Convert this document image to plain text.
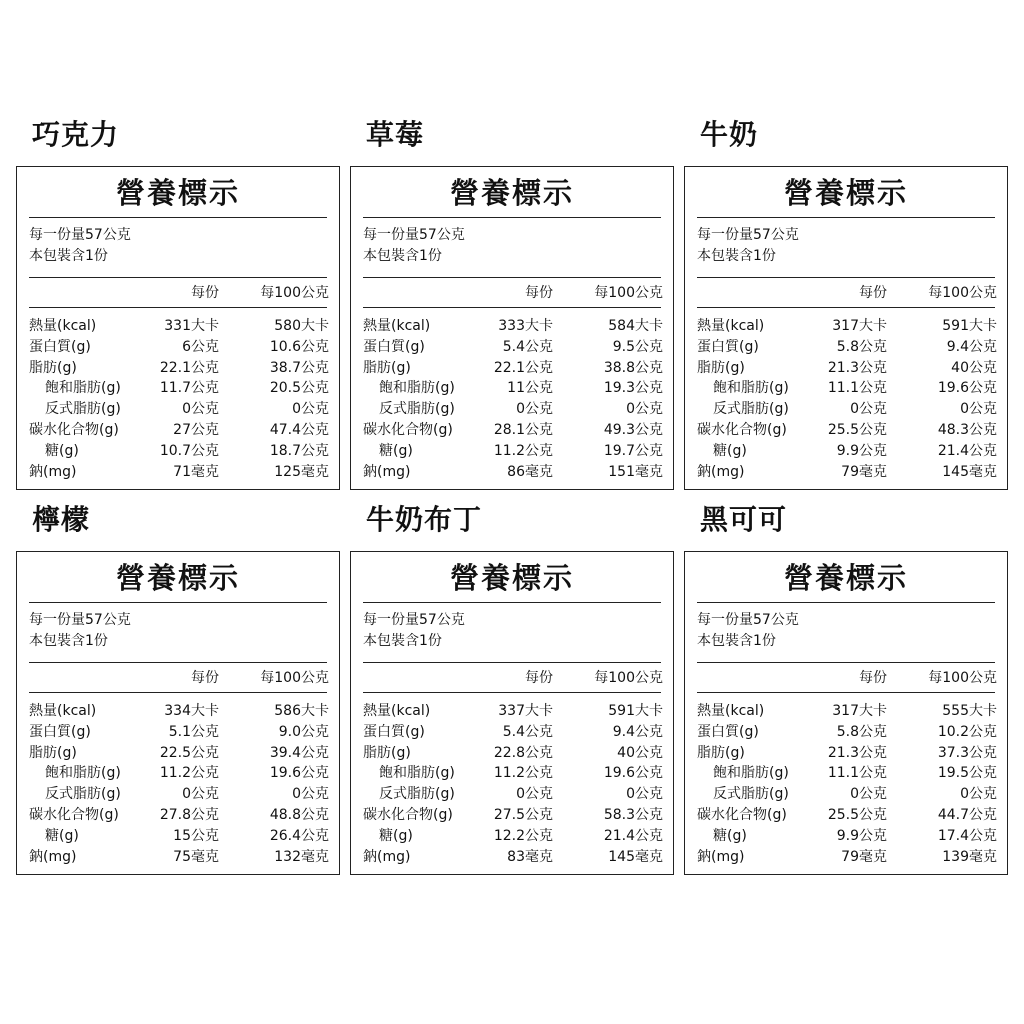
巧克力
營養標示
每一份量57公克
本包裝含1份
每份	每100公克
熱量(kcal)	331大卡	580大卡
蛋白質(g)	6公克	10.6公克
脂肪(g)	22.1公克	38.7公克
飽和脂肪(g)	11.7公克	20.5公克
反式脂肪(g)	0公克	0公克
碳水化合物(g)	27公克	47.4公克
糖(g)	10.7公克	18.7公克
鈉(mg)	71毫克	125毫克
草莓
營養標示
每一份量57公克
本包裝含1份
每份	每100公克
熱量(kcal)	333大卡	584大卡
蛋白質(g)	5.4公克	9.5公克
脂肪(g)	22.1公克	38.8公克
飽和脂肪(g)	11公克	19.3公克
反式脂肪(g)	0公克	0公克
碳水化合物(g)	28.1公克	49.3公克
糖(g)	11.2公克	19.7公克
鈉(mg)	86毫克	151毫克
牛奶
營養標示
每一份量57公克
本包裝含1份
每份	每100公克
熱量(kcal)	317大卡	591大卡
蛋白質(g)	5.8公克	9.4公克
脂肪(g)	21.3公克	40公克
飽和脂肪(g)	11.1公克	19.6公克
反式脂肪(g)	0公克	0公克
碳水化合物(g)	25.5公克	48.3公克
糖(g)	9.9公克	21.4公克
鈉(mg)	79毫克	145毫克
檸檬
營養標示
每一份量57公克
本包裝含1份
每份	每100公克
熱量(kcal)	334大卡	586大卡
蛋白質(g)	5.1公克	9.0公克
脂肪(g)	22.5公克	39.4公克
飽和脂肪(g)	11.2公克	19.6公克
反式脂肪(g)	0公克	0公克
碳水化合物(g)	27.8公克	48.8公克
糖(g)	15公克	26.4公克
鈉(mg)	75毫克	132毫克
牛奶布丁
營養標示
每一份量57公克
本包裝含1份
每份	每100公克
熱量(kcal)	337大卡	591大卡
蛋白質(g)	5.4公克	9.4公克
脂肪(g)	22.8公克	40公克
飽和脂肪(g)	11.2公克	19.6公克
反式脂肪(g)	0公克	0公克
碳水化合物(g)	27.5公克	58.3公克
糖(g)	12.2公克	21.4公克
鈉(mg)	83毫克	145毫克
黑可可
營養標示
每一份量57公克
本包裝含1份
每份	每100公克
熱量(kcal)	317大卡	555大卡
蛋白質(g)	5.8公克	10.2公克
脂肪(g)	21.3公克	37.3公克
飽和脂肪(g)	11.1公克	19.5公克
反式脂肪(g)	0公克	0公克
碳水化合物(g)	25.5公克	44.7公克
糖(g)	9.9公克	17.4公克
鈉(mg)	79毫克	139毫克
